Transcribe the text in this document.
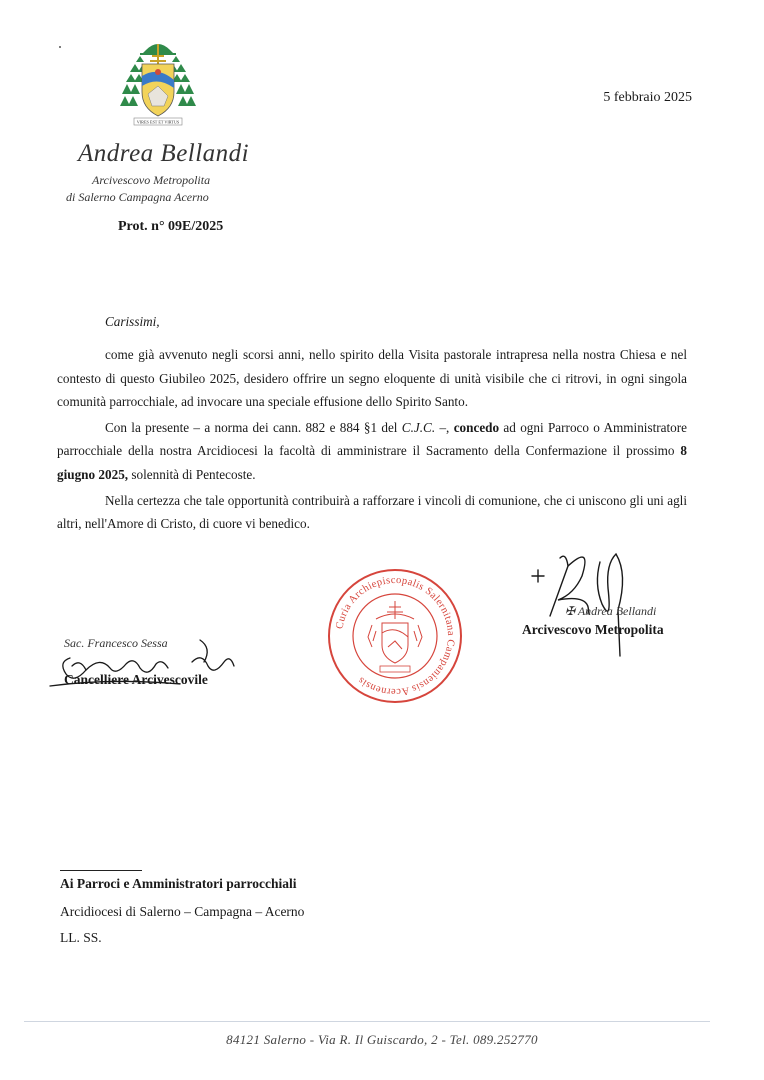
VIRES EST ET VIRTUS
5 febbraio 2025
Andrea Bellandi
Arcivescovo Metropolita
di Salerno Campagna Acerno
Prot. n° 09E/2025

Carissimi,

come già avvenuto negli scorsi anni, nello spirito della Visita pastorale intrapresa nella nostra Chiesa e nel contesto di questo Giubileo 2025, desidero offrire un segno eloquente di unità visibile che ci ritrovi, in ogni singola comunità parrocchiale, ad invocare una speciale effusione dello Spirito Santo.

Con la presente – a norma dei cann. 882 e 884 §1 del C.J.C. –, concedo ad ogni Parroco o Amministratore parrocchiale della nostra Arcidiocesi la facoltà di amministrare il Sacramento della Confermazione il prossimo 8 giugno 2025, solennità di Pentecoste.

Nella certezza che tale opportunità contribuirà a rafforzare i vincoli di comunione, che ci uniscono gli uni agli altri, nell'Amore di Cristo, di cuore vi benedico.

Curia Archiepiscopalis Salernitana Campaniensis Acernensis
✠ Andrea Bellandi
Arcivescovo Metropolita
Sac. Francesco Sessa
Cancelliere Arcivescovile
Ai Parroci e Amministratori parrocchiali
Arcidiocesi di Salerno – Campagna – Acerno
LL. SS.
84121 Salerno - Via R. Il Guiscardo, 2 - Tel. 089.252770
